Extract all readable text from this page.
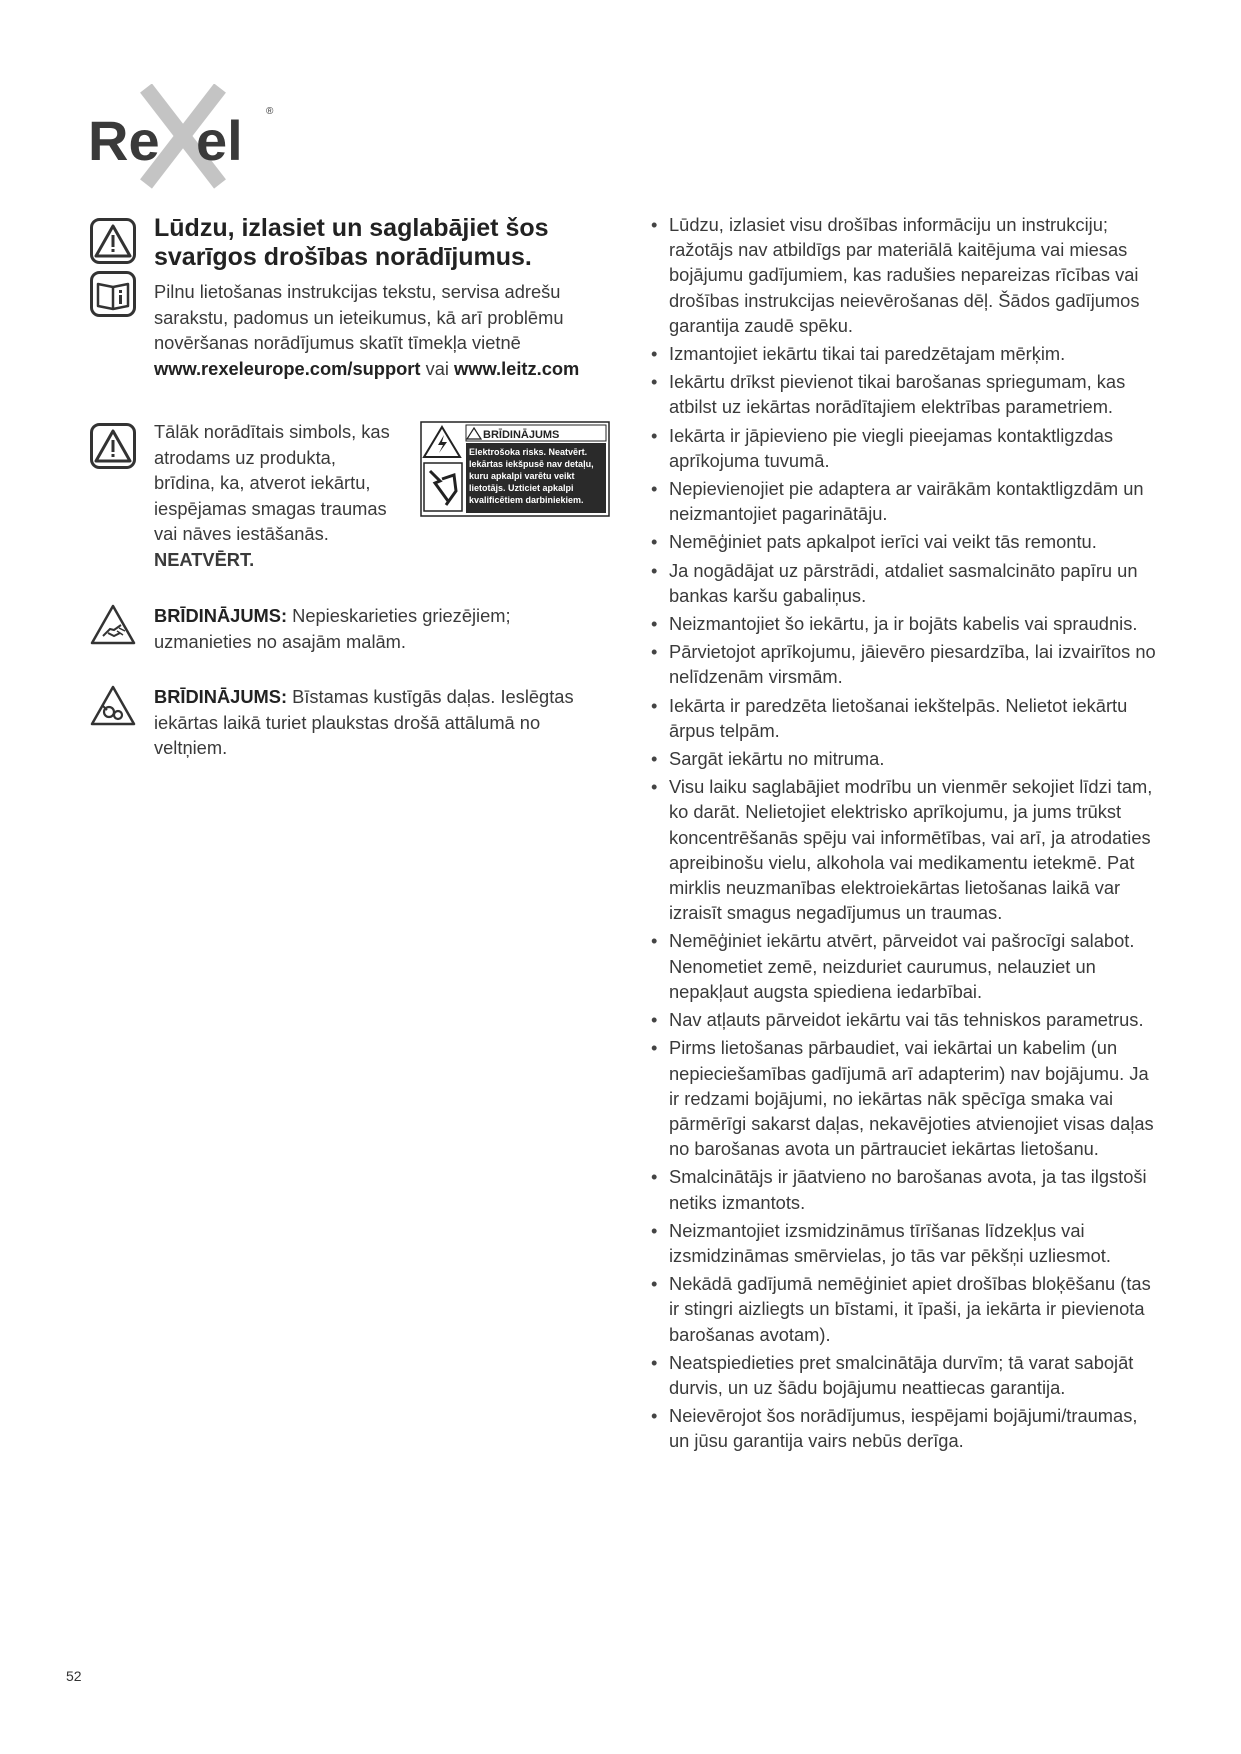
Re el ®
Lūdzu, izlasiet un saglabājiet šos svarīgos drošības norādījumus.
Pilnu lietošanas instrukcijas tekstu, servisa adrešu sarakstu, padomus un ieteikumus, kā arī problēmu novēršanas norādījumus skatīt tīmekļa vietnē www.rexeleurope.com/support vai www.leitz.com
Tālāk norādītais simbols, kas atrodams uz produkta, brīdina, ka, atverot iekārtu, iespējamas smagas traumas vai nāves iestāšanās. NEATVĒRT.
BRĪDINĀJUMS
Elektrošoka risks. Neatvērt.
Iekārtas iekšpusē nav detaļu,
kuru apkalpi varētu veikt
lietotājs. Uzticiet apkalpi
kvalificētiem darbiniekiem.
BRĪDINĀJUMS: Nepieskarieties griezējiem; uzmanieties no asajām malām.
BRĪDINĀJUMS: Bīstamas kustīgās daļas. Ieslēgtas iekārtas laikā turiet plaukstas drošā attālumā no veltņiem.
• Lūdzu, izlasiet visu drošības informāciju un instrukciju; ražotājs nav atbildīgs par materiālā kaitējuma vai miesas bojājumu gadījumiem, kas radušies nepareizas rīcības vai drošības instrukcijas neievērošanas dēļ. Šādos gadījumos garantija zaudē spēku.
• Izmantojiet iekārtu tikai tai paredzētajam mērķim.
• Iekārtu drīkst pievienot tikai barošanas spriegumam, kas atbilst uz iekārtas norādītajiem elektrības parametriem.
• Iekārta ir jāpievieno pie viegli pieejamas kontaktligzdas aprīkojuma tuvumā.
• Nepievienojiet pie adaptera ar vairākām kontaktligzdām un neizmantojiet pagarinātāju.
• Nemēģiniet pats apkalpot ierīci vai veikt tās remontu.
• Ja nogādājat uz pārstrādi, atdaliet sasmalcināto papīru un bankas karšu gabaliņus.
• Neizmantojiet šo iekārtu, ja ir bojāts kabelis vai spraudnis.
• Pārvietojot aprīkojumu, jāievēro piesardzība, lai izvairītos no nelīdzenām virsmām.
• Iekārta ir paredzēta lietošanai iekštelpās. Nelietot iekārtu ārpus telpām.
• Sargāt iekārtu no mitruma.
• Visu laiku saglabājiet modrību un vienmēr sekojiet līdzi tam, ko darāt. Nelietojiet elektrisko aprīkojumu, ja jums trūkst koncentrēšanās spēju vai informētības, vai arī, ja atrodaties apreibinošu vielu, alkohola vai medikamentu ietekmē. Pat mirklis neuzmanības elektroiekārtas lietošanas laikā var izraisīt smagus negadījumus un traumas.
• Nemēģiniet iekārtu atvērt, pārveidot vai pašrocīgi salabot. Nenometiet zemē, neizduriet caurumus, nelauziet un nepakļaut augsta spiediena iedarbībai.
• Nav atļauts pārveidot iekārtu vai tās tehniskos parametrus.
• Pirms lietošanas pārbaudiet, vai iekārtai un kabelim (un nepieciešamības gadījumā arī adapterim) nav bojājumu. Ja ir redzami bojājumi, no iekārtas nāk spēcīga smaka vai pārmērīgi sakarst daļas, nekavējoties atvienojiet visas daļas no barošanas avota un pārtrauciet iekārtas lietošanu.
• Smalcinātājs ir jāatvieno no barošanas avota, ja tas ilgstoši netiks izmantots.
• Neizmantojiet izsmidzināmus tīrīšanas līdzekļus vai izsmidzināmas smērvielas, jo tās var pēkšņi uzliesmot.
• Nekādā gadījumā nemēģiniet apiet drošības bloķēšanu (tas ir stingri aizliegts un bīstami, it īpaši, ja iekārta ir pievienota barošanas avotam).
• Neatspiedieties pret smalcinātāja durvīm; tā varat sabojāt durvis, un uz šādu bojājumu neattiecas garantija.
• Neievērojot šos norādījumus, iespējami bojājumi/traumas, un jūsu garantija vairs nebūs derīga.
52
